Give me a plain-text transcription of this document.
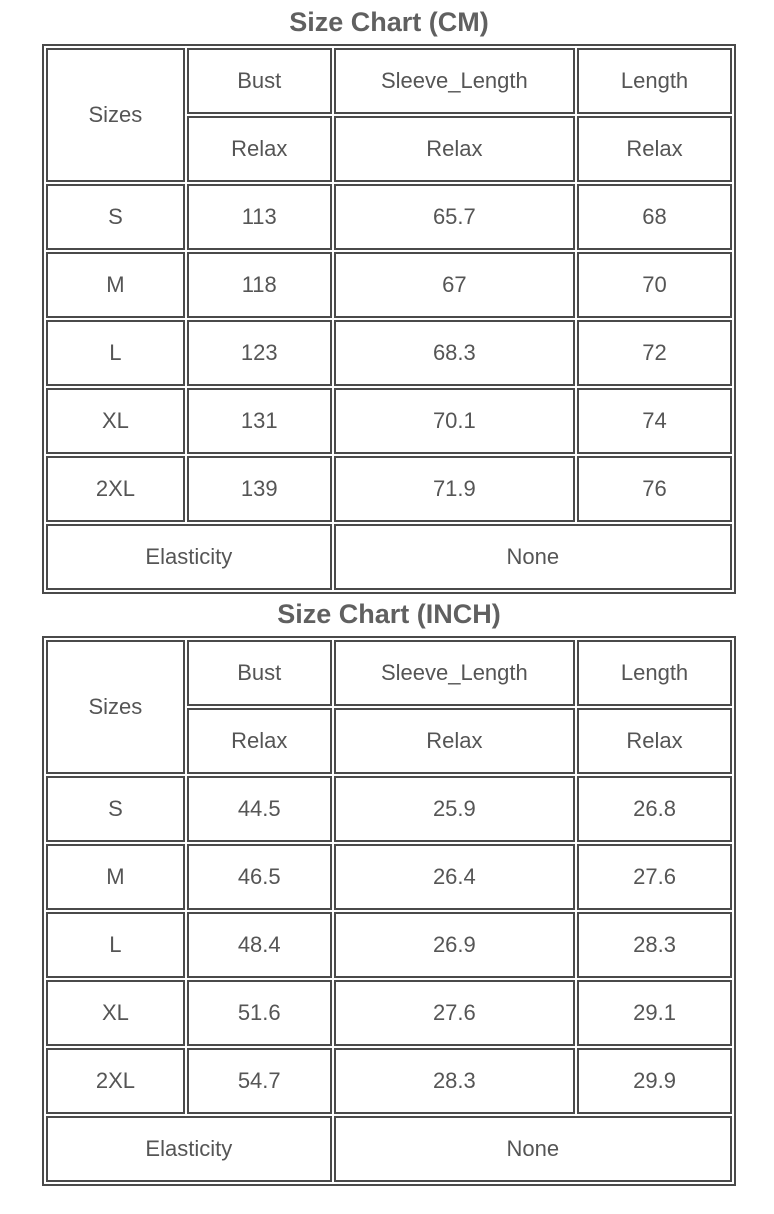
Size Chart (CM)
Sizes	Bust	Sleeve_Length	Length
	Relax	Relax	Relax
S	113	65.7	68
M	118	67	70
L	123	68.3	72
XL	131	70.1	74
2XL	139	71.9	76
Elasticity		None	
Size Chart (INCH)
Sizes	Bust	Sleeve_Length	Length
	Relax	Relax	Relax
S	44.5	25.9	26.8
M	46.5	26.4	27.6
L	48.4	26.9	28.3
XL	51.6	27.6	29.1
2XL	54.7	28.3	29.9
Elasticity		None	
